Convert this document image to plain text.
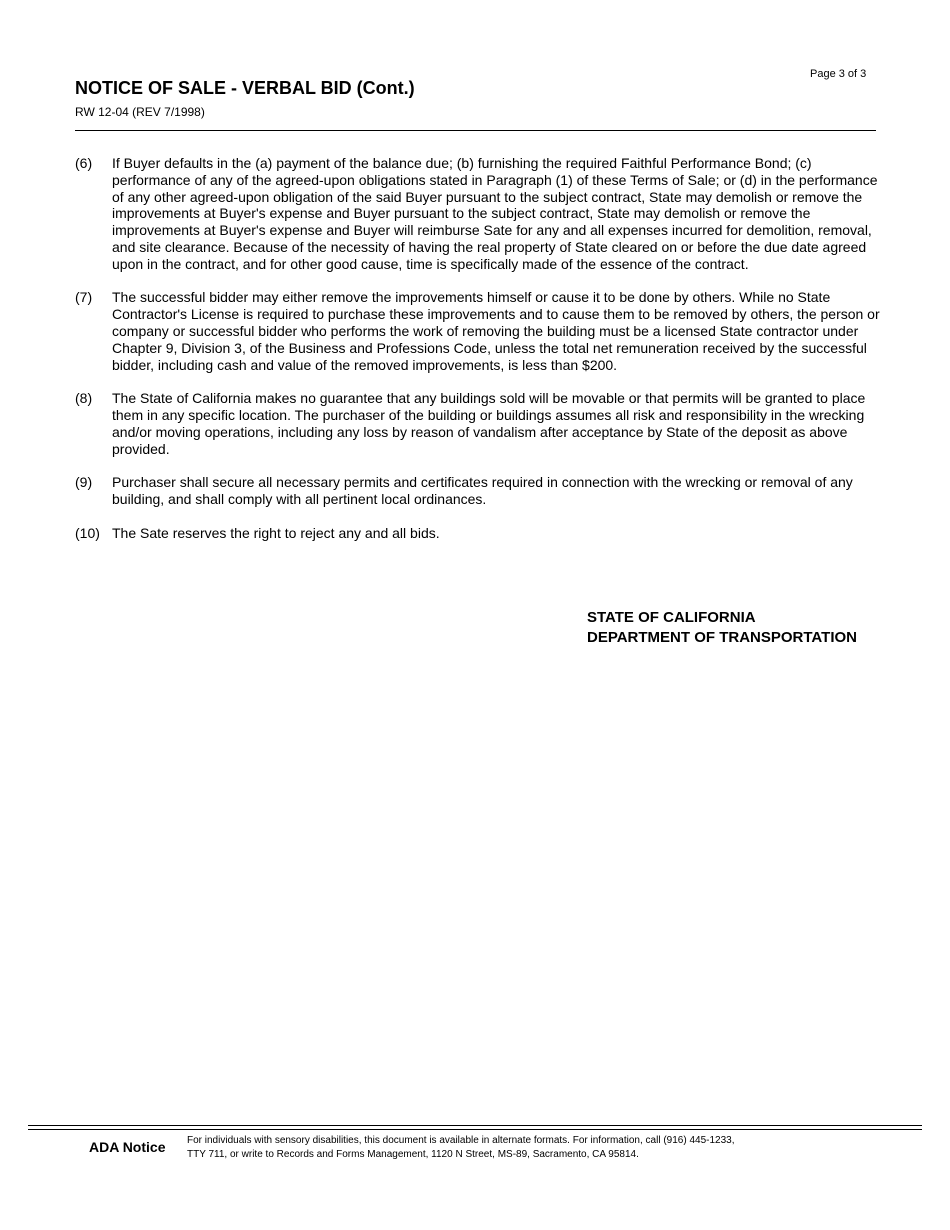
Page 3 of 3
NOTICE OF SALE - VERBAL BID (Cont.)
RW 12-04 (REV 7/1998)
(6)	If Buyer defaults in the (a) payment of the balance due; (b) furnishing the required Faithful Performance Bond; (c) performance of any of the agreed-upon obligations stated in Paragraph (1) of these Terms of Sale; or (d) in the performance of any other agreed-upon obligation of the said Buyer pursuant to the subject contract, State may demolish or remove the improvements at Buyer's expense and Buyer pursuant to the subject contract, State may demolish or remove the improvements at Buyer's expense and Buyer will reimburse Sate for any and all expenses incurred for demolition, removal, and site clearance. Because of the necessity of having the real property of State cleared on or before the due date agreed upon in the contract, and for other good cause, time is specifically made of the essence of the contract.
(7)	The successful bidder may either remove the improvements himself or cause it to be done by others. While no State Contractor's License is required to purchase these improvements and to cause them to be removed by others, the person or company or successful bidder who performs the work of removing the building must be a licensed State contractor under Chapter 9, Division 3, of the Business and Professions Code, unless the total net remuneration received by the successful bidder, including cash and value of the removed improvements, is less than $200.
(8)	The State of California makes no guarantee that any buildings sold will be movable or that permits will be granted to place them in any specific location. The purchaser of the building or buildings assumes all risk and responsibility in the wrecking and/or moving operations, including any loss by reason of vandalism after acceptance by State of the deposit as above provided.
(9)	Purchaser shall secure all necessary permits and certificates required in connection with the wrecking or removal of any building, and shall comply with all pertinent local ordinances.
(10) The Sate reserves the right to reject any and all bids.
STATE OF CALIFORNIA
DEPARTMENT OF TRANSPORTATION
ADA Notice For individuals with sensory disabilities, this document is available in alternate formats. For information, call (916) 445-1233,
TTY 711, or write to Records and Forms Management, 1120 N Street, MS-89, Sacramento, CA 95814.
